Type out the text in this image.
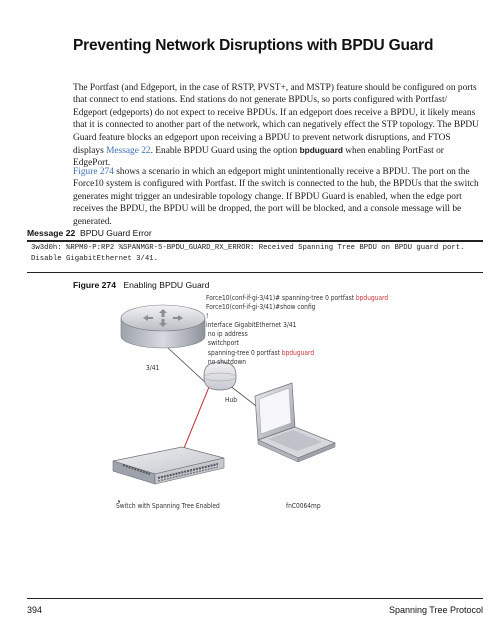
Preventing Network Disruptions with BPDU Guard
The Portfast (and Edgeport, in the case of RSTP, PVST+, and MSTP) feature should be configured on ports that connect to end stations. End stations do not generate BPDUs, so ports configured with Portfast/ Edgeport (edgeports) do not expect to receive BPDUs. If an edgeport does receive a BPDU, it likely means that it is connected to another part of the network, which can negatively effect the STP topology. The BPDU Guard feature blocks an edgeport upon receiving a BPDU to prevent network disruptions, and FTOS displays Message 22. Enable BPDU Guard using the option bpduguard when enabling PortFast or EdgePort.
Figure 274 shows a scenario in which an edgeport might unintentionally receive a BPDU. The port on the Force10 system is configured with Portfast. If the switch is connected to the hub, the BPDUs that the switch generates might trigger an undesirable topology change. If BPDU Guard is enabled, when the edge port receives the BPDU, the BPDU will be dropped, the port will be blocked, and a console message will be generated.
Message 22 BPDU Guard Error
3w3d0h: %RPM0-P:RP2 %SPANMGR-5-BPDU_GUARD_RX_ERROR: Received Spanning Tree BPDU on BPDU guard port. Disable GigabitEthernet 3/41.
Figure 274 Enabling BPDU Guard
Force10(conf-if-gi-3/41)# spanning-tree 0 portfast bpduguard
Force10(conf-if-gi-3/41)#show config
!
interface GigabitEthernet 3/41
no ip address
switchport
spanning-tree 0 portfast bpduguard
no shutdown
3/41
Hub
Switch with Spanning Tree Enabled	fnC0064mp
394	Spanning Tree Protocol
